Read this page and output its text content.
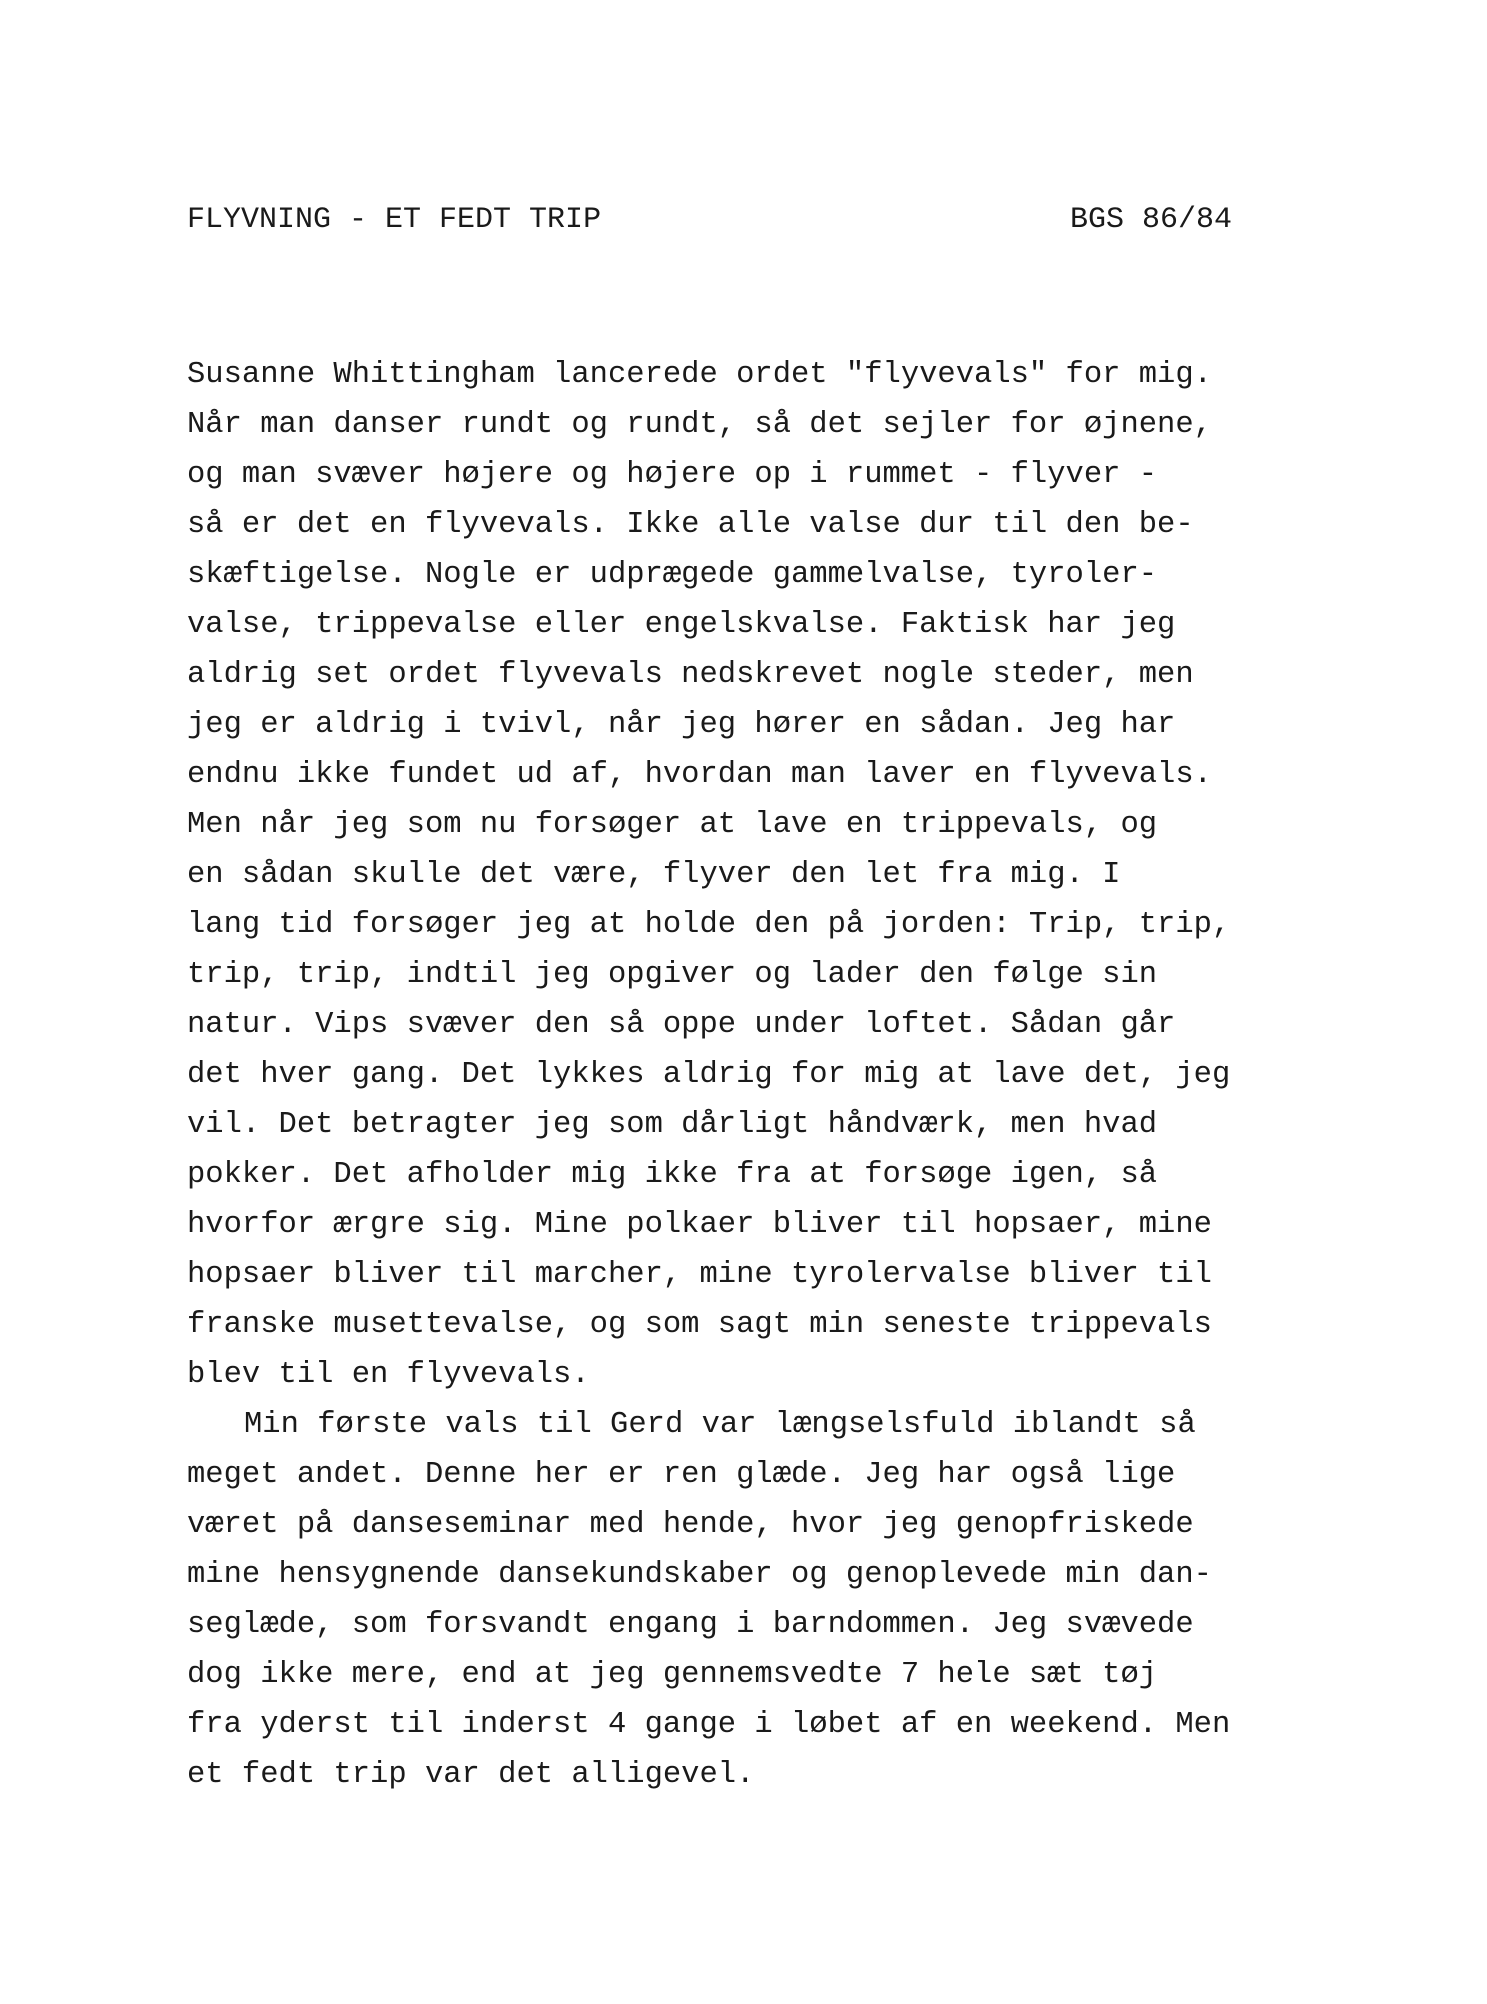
FLYVNING - ET FEDT TRIP	BGS 86/84
Susanne Whittingham lancerede ordet "flyvevals" for mig.
Når man danser rundt og rundt, så det sejler for øjnene,
og man svæver højere og højere op i rummet - flyver -
så er det en flyvevals. Ikke alle valse dur til den be-
skæftigelse. Nogle er udprægede gammelvalse, tyroler-
valse, trippevalse eller engelskvalse. Faktisk har jeg
aldrig set ordet flyvevals nedskrevet nogle steder, men
jeg er aldrig i tvivl, når jeg hører en sådan. Jeg har
endnu ikke fundet ud af, hvordan man laver en flyvevals.
Men når jeg som nu forsøger at lave en trippevals, og
en sådan skulle det være, flyver den let fra mig. I
lang tid forsøger jeg at holde den på jorden: Trip, trip,
trip, trip, indtil jeg opgiver og lader den følge sin
natur. Vips svæver den så oppe under loftet. Sådan går
det hver gang. Det lykkes aldrig for mig at lave det, jeg
vil. Det betragter jeg som dårligt håndværk, men hvad
pokker. Det afholder mig ikke fra at forsøge igen, så
hvorfor ærgre sig. Mine polkaer bliver til hopsaer, mine
hopsaer bliver til marcher, mine tyrolervalse bliver til
franske musettevalse, og som sagt min seneste trippevals
blev til en flyvevals.
Min første vals til Gerd var længselsfuld iblandt så
meget andet. Denne her er ren glæde. Jeg har også lige
været på danseseminar med hende, hvor jeg genopfriskede
mine hensygnende dansekundskaber og genoplevede min dan-
seglæde, som forsvandt engang i barndommen. Jeg svævede
dog ikke mere, end at jeg gennemsvedte 7 hele sæt tøj
fra yderst til inderst 4 gange i løbet af en weekend. Men
et fedt trip var det alligevel.
